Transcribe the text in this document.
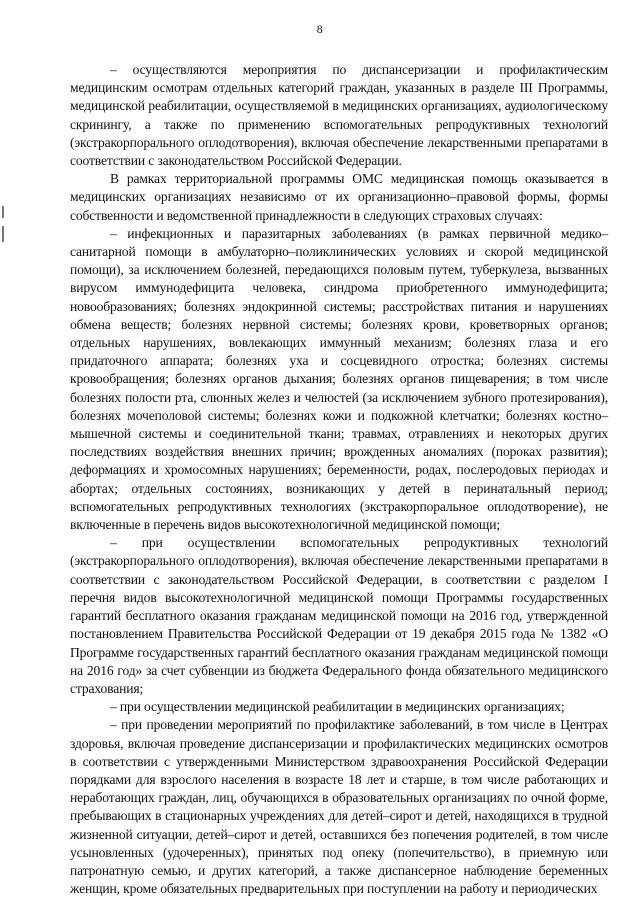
8

– осуществляются мероприятия по диспансеризации и профилактическим медицинским осмотрам отдельных категорий граждан, указанных в разделе III Программы, медицинской реабилитации, осуществляемой в медицинских организациях, аудиологическому скринингу, а также по применению вспомогательных репродуктивных технологий (экстракорпорального оплодотворения), включая обеспечение лекарственными препаратами в соответствии с законодательством Российской Федерации.

В рамках территориальной программы ОМС медицинская помощь оказывается в медицинских организациях независимо от их организационно–правовой формы, формы собственности и ведомственной принадлежности в следующих страховых случаях:

– инфекционных и паразитарных заболеваниях (в рамках первичной медико–санитарной помощи в амбулаторно–поликлинических условиях и скорой медицинской помощи), за исключением болезней, передающихся половым путем, туберкулеза, вызванных вирусом иммунодефицита человека, синдрома приобретенного иммунодефицита; новообразованиях; болезнях эндокринной системы; расстройствах питания и нарушениях обмена веществ; болезнях нервной системы; болезнях крови, кроветворных органов; отдельных нарушениях, вовлекающих иммунный механизм; болезнях глаза и его придаточного аппарата; болезнях уха и сосцевидного отростка; болезнях системы кровообращения; болезнях органов дыхания; болезнях органов пищеварения; в том числе болезнях полости рта, слюнных желез и челюстей (за исключением зубного протезирования), болезнях мочеполовой системы; болезнях кожи и подкожной клетчатки; болезнях костно–мышечной системы и соединительной ткани; травмах, отравлениях и некоторых других последствиях воздействия внешних причин; врожденных аномалиях (пороках развития); деформациях и хромосомных нарушениях; беременности, родах, послеродовых периодах и абортах; отдельных состояниях, возникающих у детей в перинатальный период; вспомогательных репродуктивных технологиях (экстракорпоральное оплодотворение), не включенные в перечень видов высокотехнологичной медицинской помощи;

– при осуществлении вспомогательных репродуктивных технологий (экстракорпорального оплодотворения), включая обеспечение лекарственными препаратами в соответствии с законодательством Российской Федерации, в соответствии с разделом I перечня видов высокотехнологичной медицинской помощи Программы государственных гарантий бесплатного оказания гражданам медицинской помощи на 2016 год, утвержденной постановлением Правительства Российской Федерации от 19 декабря 2015 года № 1382 «О Программе государственных гарантий бесплатного оказания гражданам медицинской помощи на 2016 год» за счет субвенции из бюджета Федерального фонда обязательного медицинского страхования;

– при осуществлении медицинской реабилитации в медицинских организациях;

– при проведении мероприятий по профилактике заболеваний, в том числе в Центрах здоровья, включая проведение диспансеризации и профилактических медицинских осмотров в соответствии с утвержденными Министерством здравоохранения Российской Федерации порядками для взрослого населения в возрасте 18 лет и старше, в том числе работающих и неработающих граждан, лиц, обучающихся в образовательных организациях по очной форме, пребывающих в стационарных учреждениях для детей–сирот и детей, находящихся в трудной жизненной ситуации, детей–сирот и детей, оставшихся без попечения родителей, в том числе усыновленных (удочеренных), принятых под опеку (попечительство), в приемную или патронатную семью, и других категорий, а также диспансерное наблюдение беременных женщин, кроме обязательных предварительных при поступлении на работу и периодических
